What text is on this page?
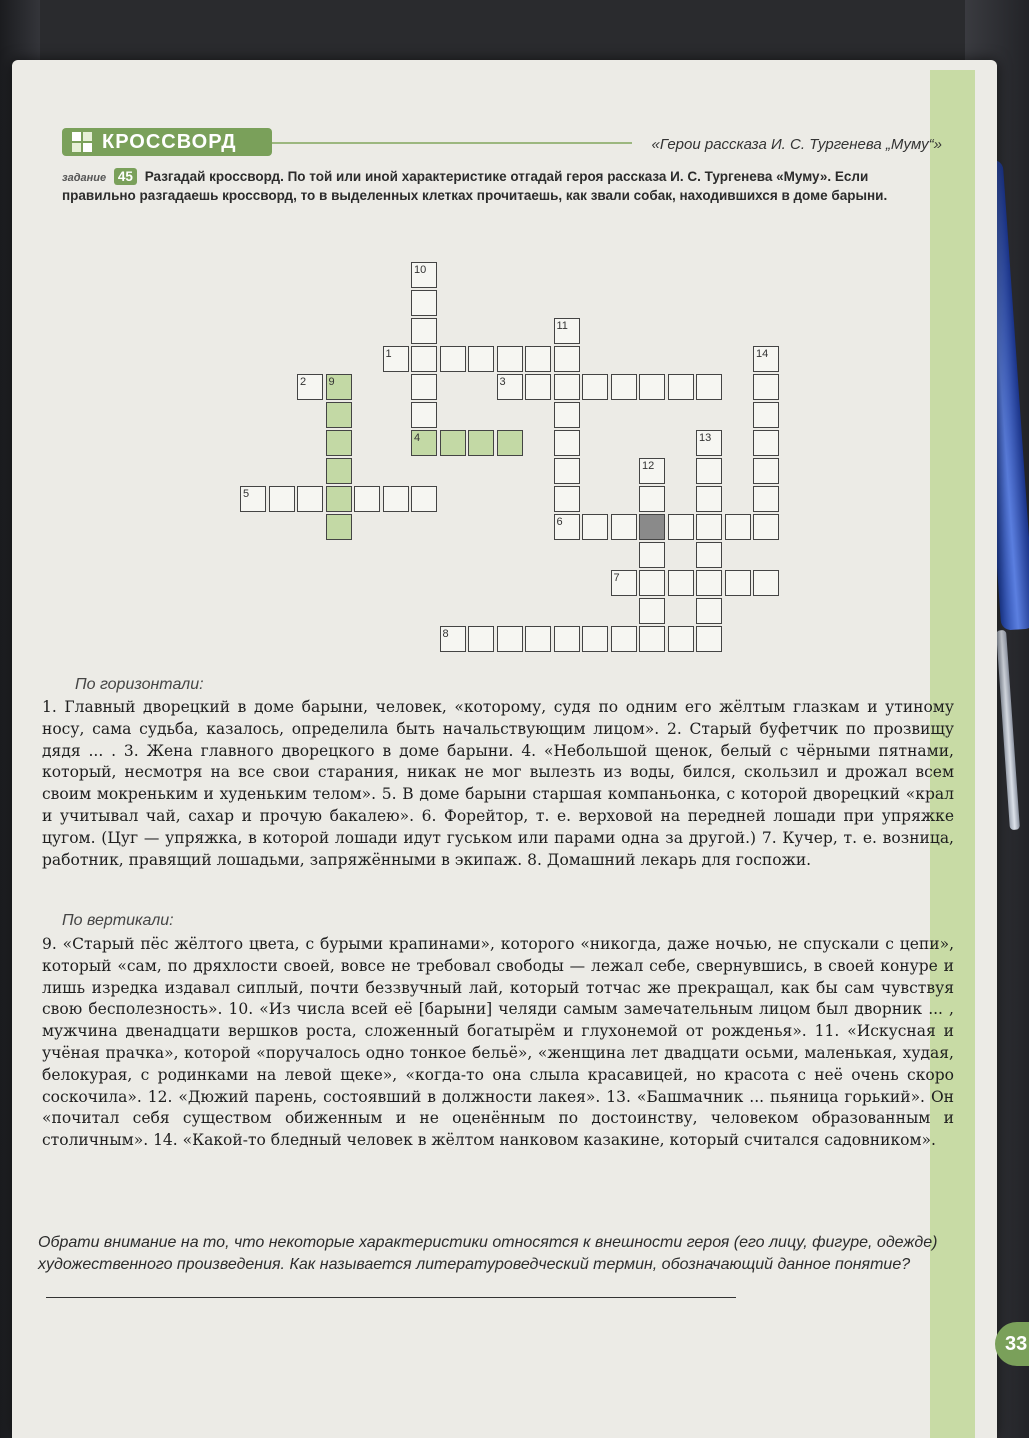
КРОССВОРД	«Герои рассказа И. С. Тургенева „Муму“»
задание 45 Разгадай кроссворд. По той или иной характеристике отгадай героя рассказа И. С. Тургенева «Муму». Если правильно разгадаешь кроссворд, то в выделенных клетках прочитаешь, как звали собак, находившихся в доме барыни.
10
4
11
14
1
2 9	3
13
5
12
6
7
8
По горизонтали:

1. Главный дворецкий в доме барыни, человек, «которому, судя по одним его жёлтым глазкам и утиному носу, сама судьба, казалось, определила быть начальствующим лицом». 2. Старый буфетчик по прозвищу дядя ... . 3. Жена главного дворецкого в доме барыни. 4. «Небольшой щенок, белый с чёрными пятнами, который, несмотря на все свои старания, никак не мог вылезть из воды, бился, скользил и дрожал всем своим мокреньким и худеньким телом». 5. В доме барыни старшая компаньонка, с которой дворецкий «крал и учитывал чай, сахар и прочую бакалею». 6. Форейтор, т. е. верховой на передней лошади при упряжке цугом. (Цуг — упряжка, в которой лошади идут гуськом или парами одна за другой.) 7. Кучер, т. е. возница, работник, правящий лошадьми, запряжёнными в экипаж. 8. Домашний лекарь для госпожи.

По вертикали:

9. «Старый пёс жёлтого цвета, с бурыми крапинами», которого «никогда, даже ночью, не спускали с цепи», который «сам, по дряхлости своей, вовсе не требовал свободы — лежал себе, свернувшись, в своей конуре и лишь изредка издавал сиплый, почти беззвучный лай, который тотчас же прекращал, как бы сам чувствуя свою бесполезность». 10. «Из числа всей её [барыни] челяди самым замечательным лицом был дворник ... , мужчина двенадцати вершков роста, сложенный богатырём и глухонемой от рожденья». 11. «Искусная и учёная прачка», которой «поручалось одно тонкое бельё», «женщина лет двадцати осьми, маленькая, худая, белокурая, с родинками на левой щеке», «когда-то она слыла красавицей, но красота с неё очень скоро соскочила». 12. «Дюжий парень, состоявший в должности лакея». 13. «Башмачник ... пьяница горький». Он «почитал себя существом обиженным и не оценённым по достоинству, человеком образованным и столичным». 14. «Какой-то бледный человек в жёлтом нанковом казакине, который считался садовником».

Обрати внимание на то, что некоторые характеристики относятся к внешности героя (его лицу, фигуре, одежде) художественного произведения. Как называется литературоведческий термин, обозначающий данное понятие?
33
